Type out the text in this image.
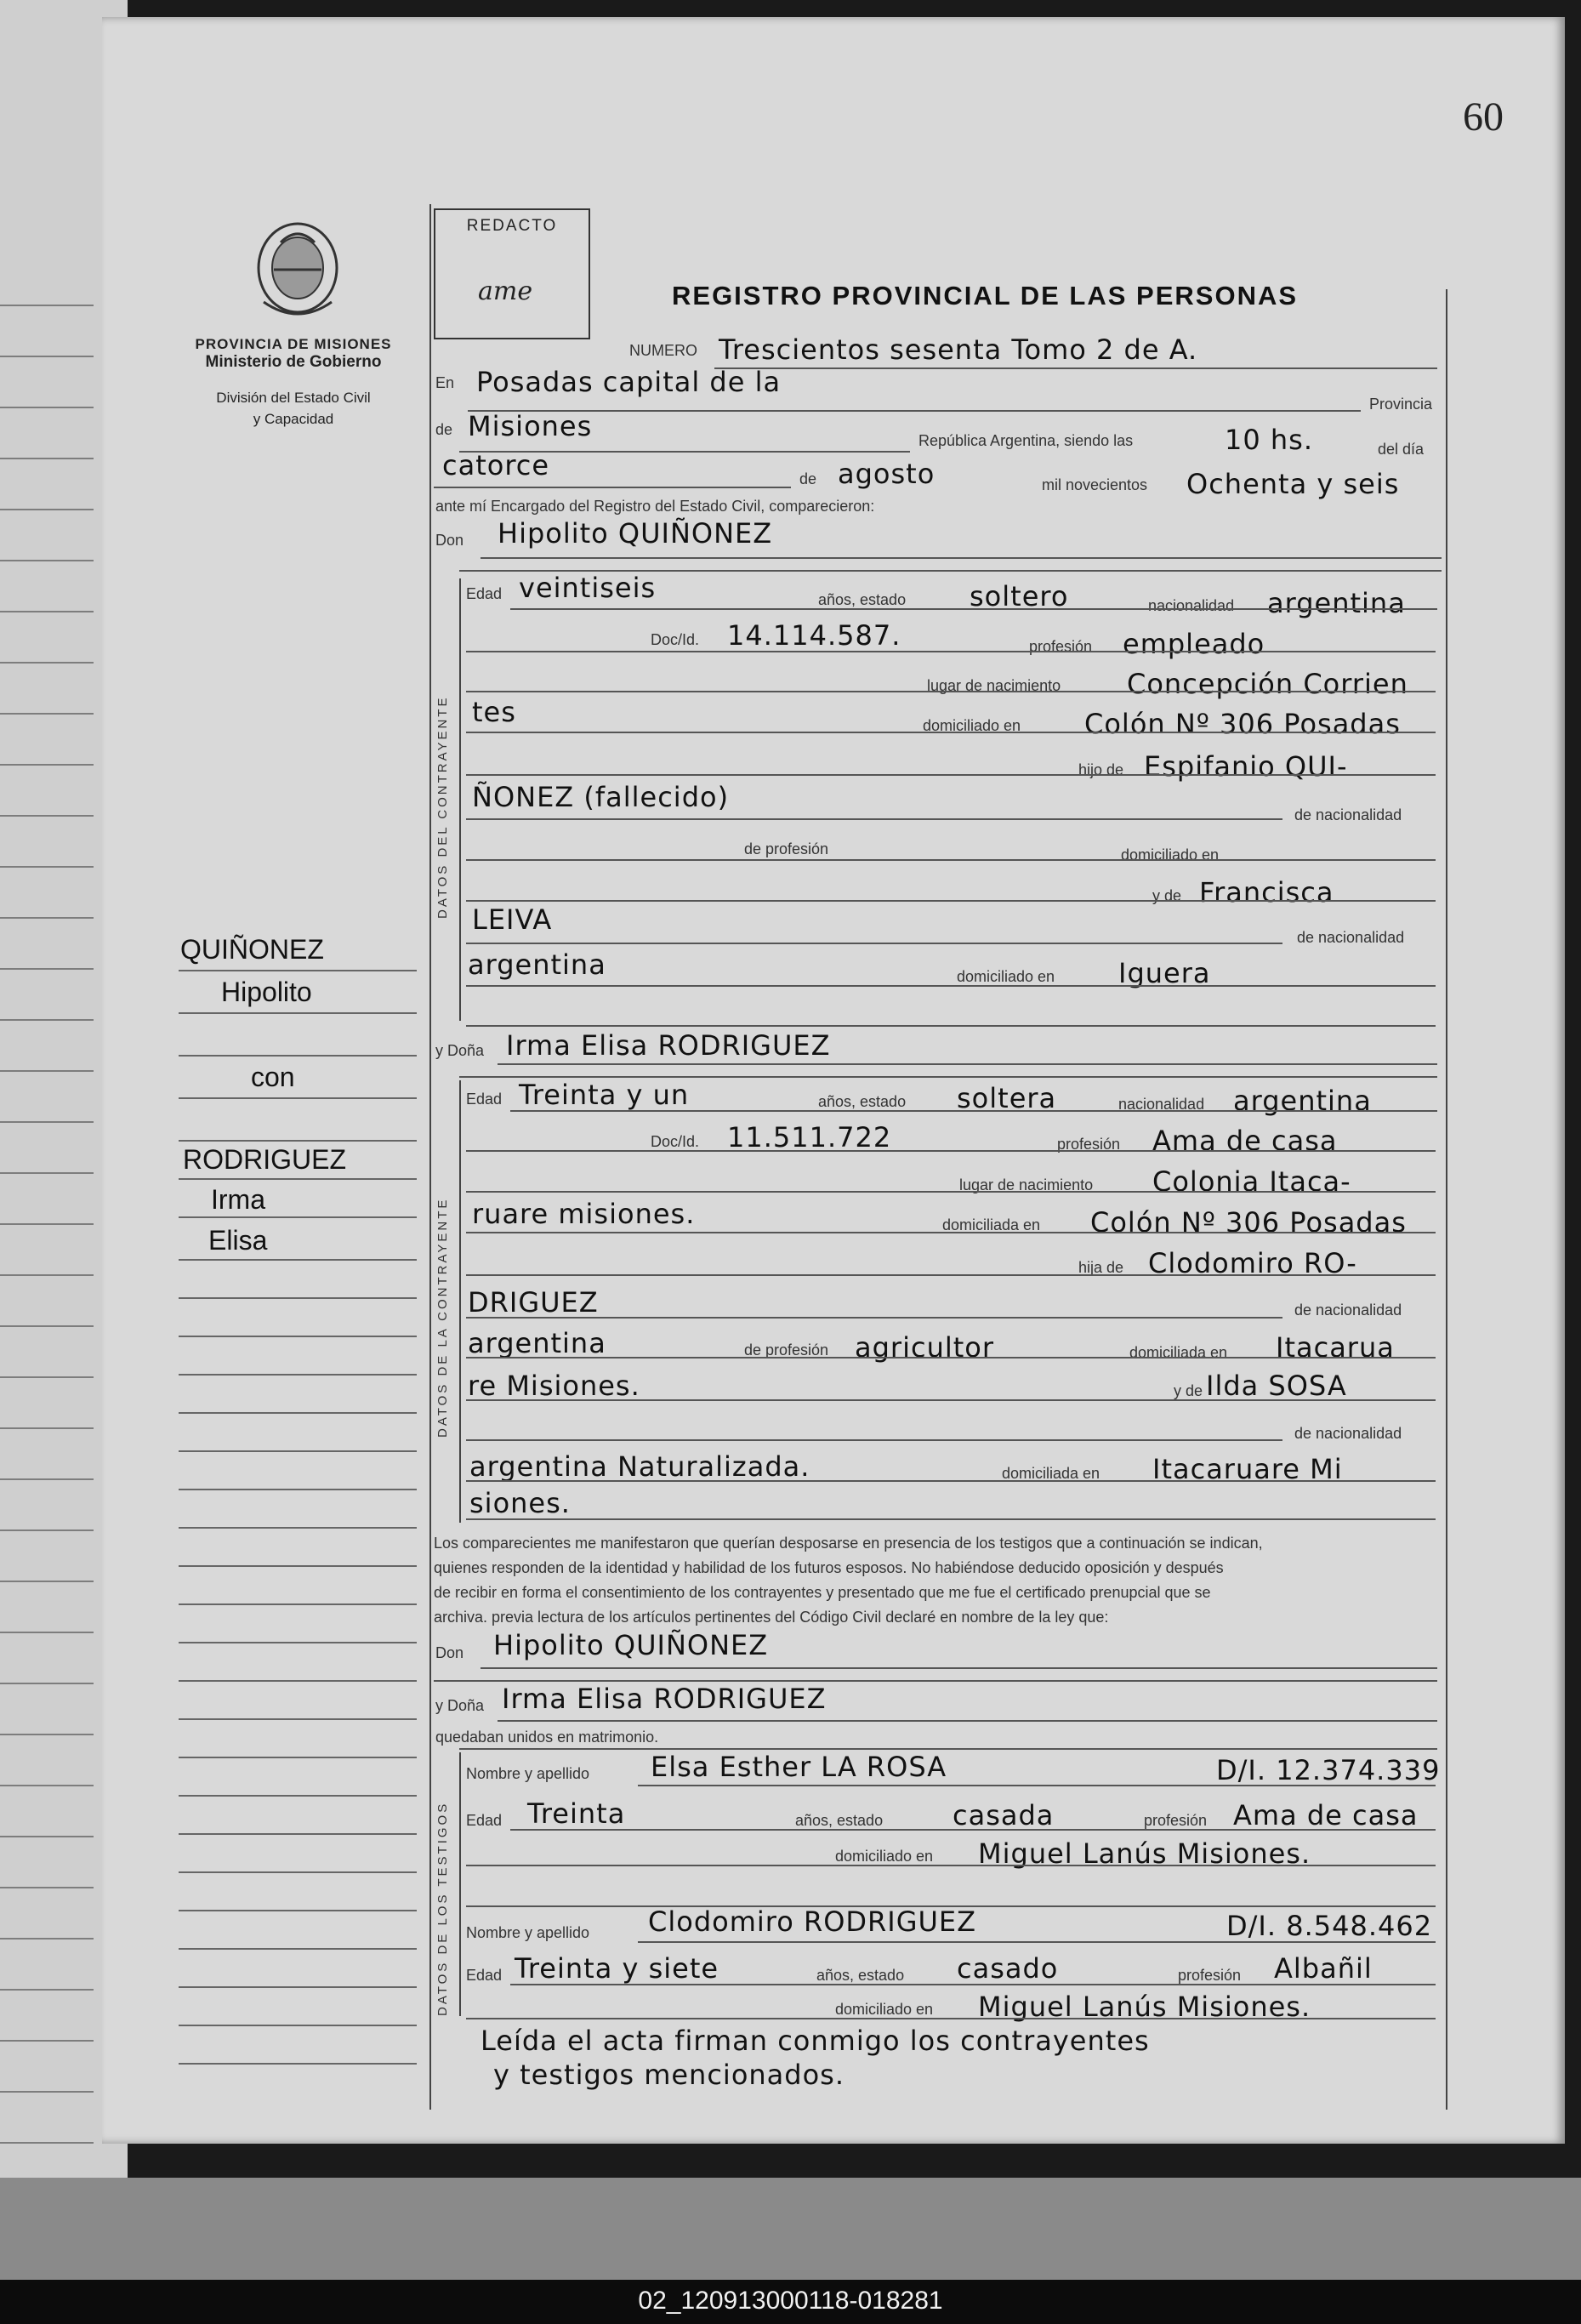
60
PROVINCIA DE MISIONES
Ministerio de Gobierno
División del Estado Civil
y Capacidad
REDACTO
ame	REGISTRO PROVINCIAL DE LAS PERSONAS
DATOS DEL CONTRAYENTE
DATOS DE LA CONTRAYENTE
DATOS DE LOS TESTIGOS
NUMERO Trescientos sesenta Tomo 2 de A.
En Posadas capital de la
Provincia
de Misiones	República Argentina, siendo las	10 hs.	del día
catorce	de agosto	mil novecientos Ochenta y seis
ante mí Encargado del Registro del Estado Civil, comparecieron:
Don Hipolito QUIÑONEZ
Edad veintiseis	años, estado soltero	nacionalidad argentina
Doc/Id. 14.114.587.	profesión empleado
lugar de nacimiento Concepción Corrien
tes	domiciliado en Colón Nº 306 Posadas
hijo de Espifanio QUI-
ÑONEZ (fallecido)
de nacionalidad
de profesión	domiciliado en
y de Francisca
LEIVA
de nacionalidad
argentina	domiciliado en Iguera
y Doña Irma Elisa RODRIGUEZ
Edad Treinta y un	años, estado soltera	nacionalidad argentina
Doc/Id. 11.511.722	profesión Ama de casa
lugar de nacimiento Colonia Itaca-
ruare misiones.	domiciliada en Colón Nº 306 Posadas
hija de Clodomiro RO-
DRIGUEZ	de nacionalidad
argentina	de profesión agricultor	domiciliada en Itacarua
re Misiones.	y de Ilda SOSA
de nacionalidad
argentina Naturalizada.	domiciliada en Itacaruare Mi
siones.
Los comparecientes me manifestaron que querían desposarse en presencia de los testigos que a continuación se indican,
quienes responden de la identidad y habilidad de los futuros esposos. No habiéndose deducido oposición y después
de recibir en forma el consentimiento de los contrayentes y presentado que me fue el certificado prenupcial que se
archiva. previa lectura de los artículos pertinentes del Código Civil declaré en nombre de la ley que:
Don Hipolito QUIÑONEZ
y Doña Irma Elisa RODRIGUEZ
quedaban unidos en matrimonio.
Nombre y apellido Elsa Esther LA ROSA	D/I. 12.374.339
Edad Treinta	años, estado	casada	profesión Ama de casa
domiciliado en Miguel Lanús Misiones.
Nombre y apellido Clodomiro RODRIGUEZ	D/I. 8.548.462
Edad Treinta y siete	años, estado casado	profesión Albañil
domiciliado en Miguel Lanús Misiones.
Leída el acta firman conmigo los contrayentes
y testigos mencionados.
QUIÑONEZ
Hipolito
con
RODRIGUEZ
Irma
Elisa
02_120913000118-018281
